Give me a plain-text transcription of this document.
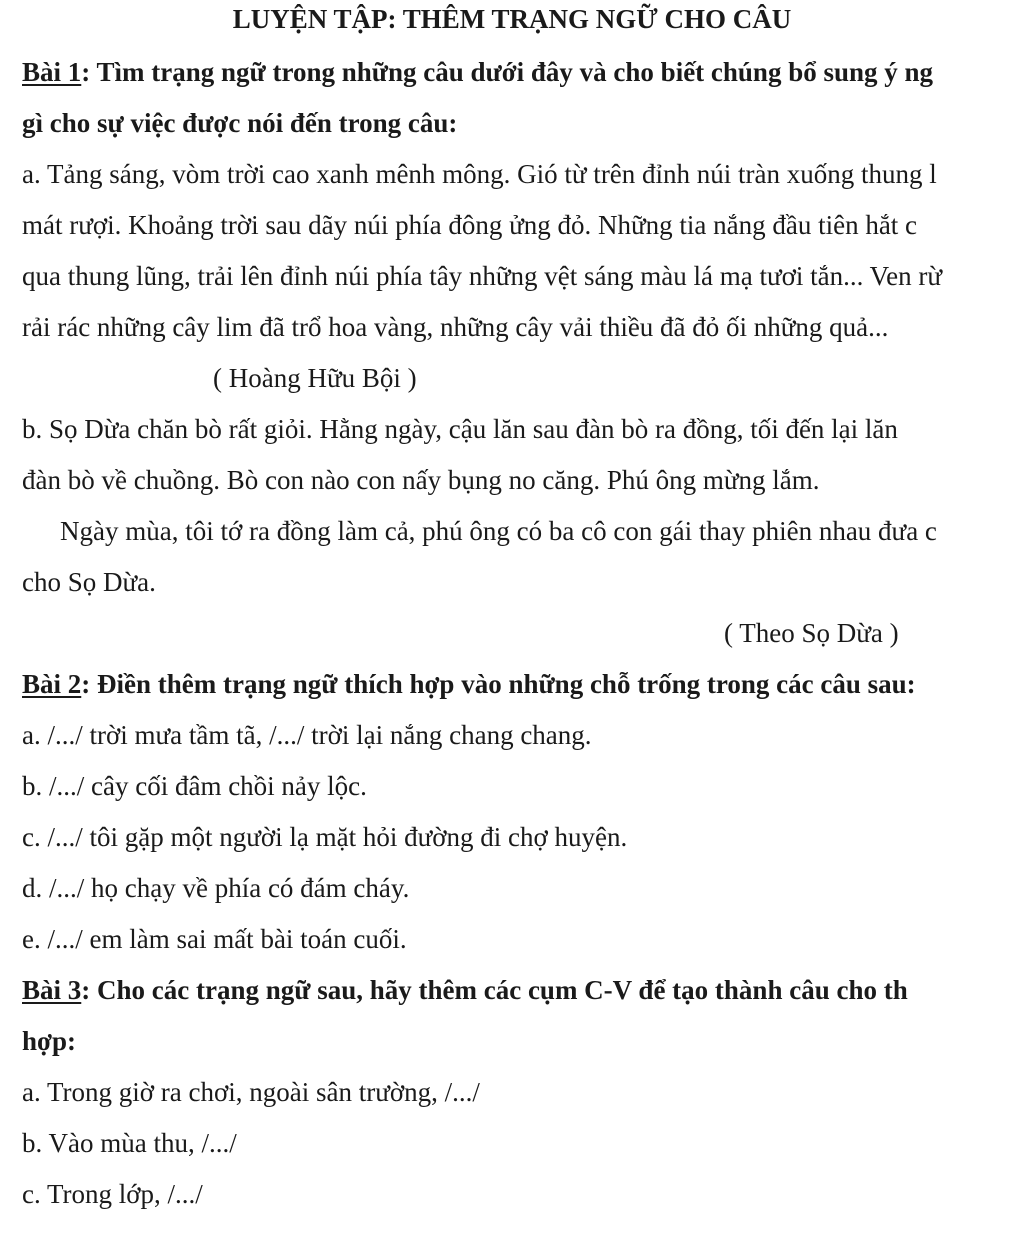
LUYỆN TẬP: THÊM TRẠNG NGỮ CHO CÂU
Bài 1: Tìm trạng ngữ trong những câu dưới đây và cho biết chúng bổ sung ý ng
gì cho sự việc được nói đến trong câu:
a. Tảng sáng, vòm trời cao xanh mênh mông. Gió từ trên đỉnh núi tràn xuống thung l
mát rượi. Khoảng trời sau dãy núi phía đông ửng đỏ. Những tia nắng đầu tiên hắt c
qua thung lũng, trải lên đỉnh núi phía tây những vệt sáng màu lá mạ tươi tắn... Ven rừ
rải rác những cây lim đã trổ hoa vàng, những cây vải thiều đã đỏ ối những quả...
( Hoàng Hữu Bội )
b. Sọ Dừa chăn bò rất giỏi. Hằng ngày, cậu lăn sau đàn bò ra đồng, tối đến lại lăn
đàn bò về chuồng. Bò con nào con nấy bụng no căng. Phú ông mừng lắm.
Ngày mùa, tôi tớ ra đồng làm cả, phú ông có ba cô con gái thay phiên nhau đưa c
cho Sọ Dừa.
( Theo Sọ Dừa )
Bài 2: Điền thêm trạng ngữ thích hợp vào những chỗ trống trong các câu sau:
a. /.../ trời mưa tầm tã, /.../ trời lại nắng chang chang.
b. /.../ cây cối đâm chồi nảy lộc.
c. /.../ tôi gặp một người lạ mặt hỏi đường đi chợ huyện.
d. /.../ họ chạy về phía có đám cháy.
e. /.../ em làm sai mất bài toán cuối.
Bài 3: Cho các trạng ngữ sau, hãy thêm các cụm C-V để tạo thành câu cho th
hợp:
a. Trong giờ ra chơi, ngoài sân trường, /.../
b. Vào mùa thu, /.../
c. Trong lớp, /.../
